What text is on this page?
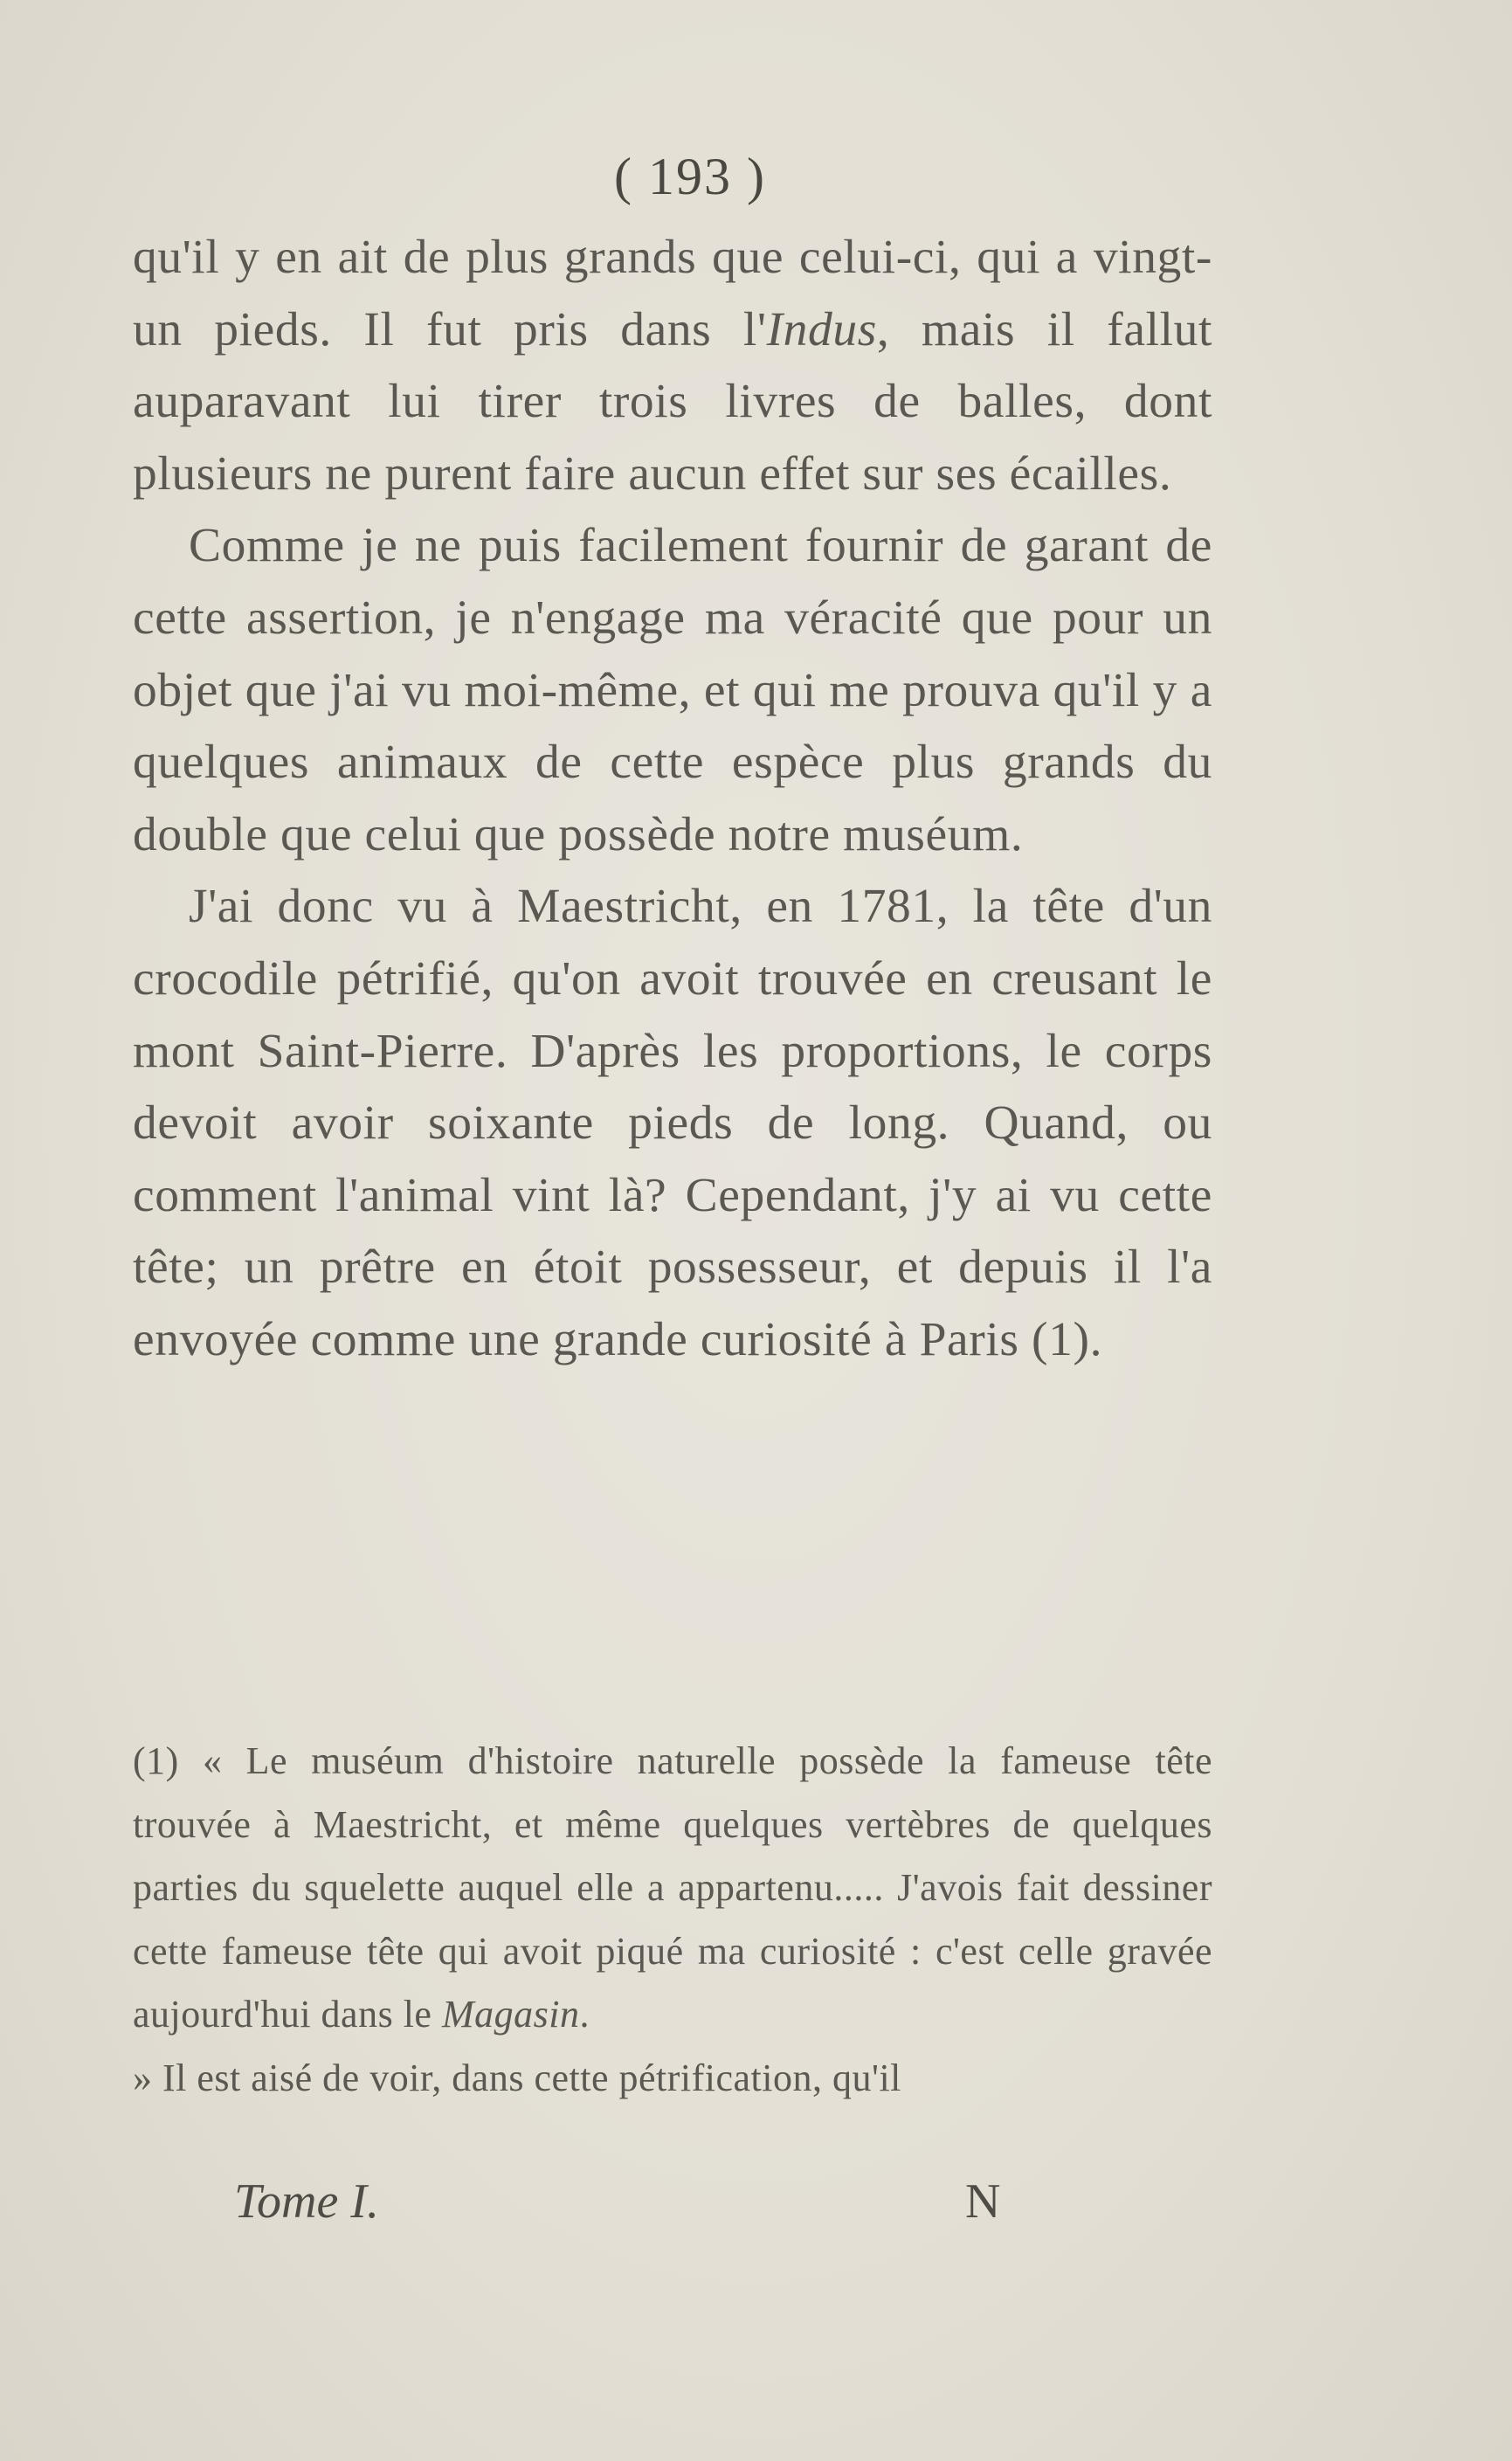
( 193 )

qu'il y en ait de plus grands que celui-ci, qui a vingt-un pieds. Il fut pris dans l'Indus, mais il fallut auparavant lui tirer trois livres de balles, dont plusieurs ne purent faire aucun effet sur ses écailles.

Comme je ne puis facilement fournir de garant de cette assertion, je n'engage ma véracité que pour un objet que j'ai vu moi-même, et qui me prouva qu'il y a quelques animaux de cette espèce plus grands du double que celui que possède notre muséum.

J'ai donc vu à Maestricht, en 1781, la tête d'un crocodile pétrifié, qu'on avoit trouvée en creusant le mont Saint-Pierre. D'après les proportions, le corps devoit avoir soixante pieds de long. Quand, ou comment l'animal vint là? Cependant, j'y ai vu cette tête; un prêtre en étoit possesseur, et depuis il l'a envoyée comme une grande curiosité à Paris (1).

(1) « Le muséum d'histoire naturelle possède la fameuse tête trouvée à Maestricht, et même quelques vertèbres de quelques parties du squelette auquel elle a appartenu..... J'avois fait dessiner cette fameuse tête qui avoit piqué ma curiosité : c'est celle gravée aujourd'hui dans le Magasin.

» Il est aisé de voir, dans cette pétrification, qu'il

Tome I.	N
